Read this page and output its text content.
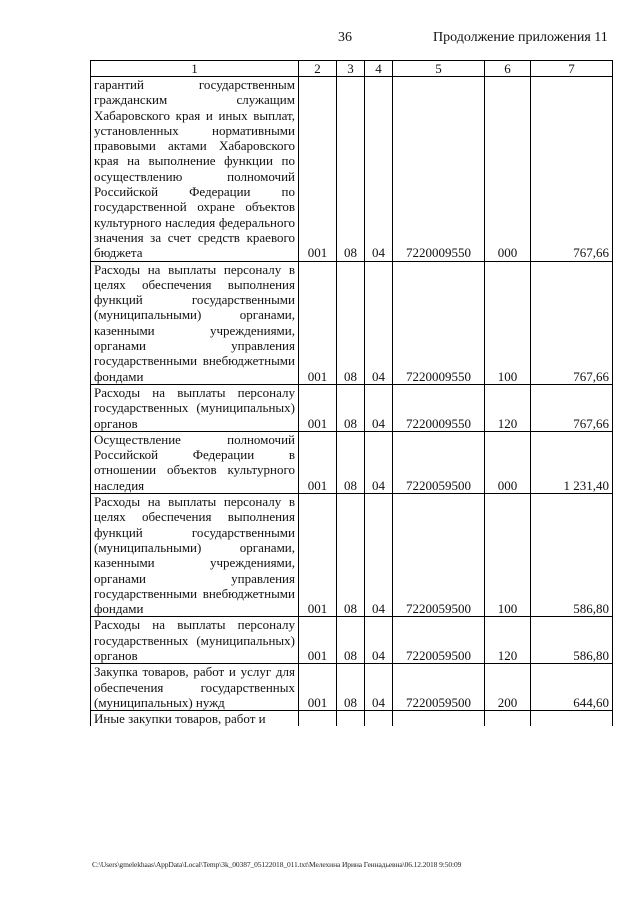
36	Продолжение приложения 11
1	2	3	4	5	6	7
гарантий государственным гражданским служащим Хабаровского края и иных выплат, установленных нормативными правовыми актами Хабаровского края на выполнение функции по осуществлению полномочий Российской Федерации по государственной охране объектов культурного наследия федерального значения за счет средств краевого бюджета	001	08	04	7220009550	000	767,66
Расходы на выплаты персоналу в целях обеспечения выполнения функций государственными (муниципальными) органами, казенными учреждениями, органами управления государственными внебюджетными фондами	001	08	04	7220009550	100	767,66
Расходы на выплаты персоналу государственных (муниципальных) органов	001	08	04	7220009550	120	767,66
Осуществление полномочий Российской Федерации в отношении объектов культурного наследия	001	08	04	7220059500	000	1 231,40
Расходы на выплаты персоналу в целях обеспечения выполнения функций государственными (муниципальными) органами, казенными учреждениями, органами управления государственными внебюджетными фондами	001	08	04	7220059500	100	586,80
Расходы на выплаты персоналу государственных (муниципальных) органов	001	08	04	7220059500	120	586,80
Закупка товаров, работ и услуг для обеспечения государственных (муниципальных) нужд	001	08	04	7220059500	200	644,60
Иные закупки товаров, работ и						
C:\Users\gmelekhaas\AppData\Local\Temp\3k_00387_05122018_011.txt\Мелехина Ирина Геннадьевна\06.12.2018 9:50:09
